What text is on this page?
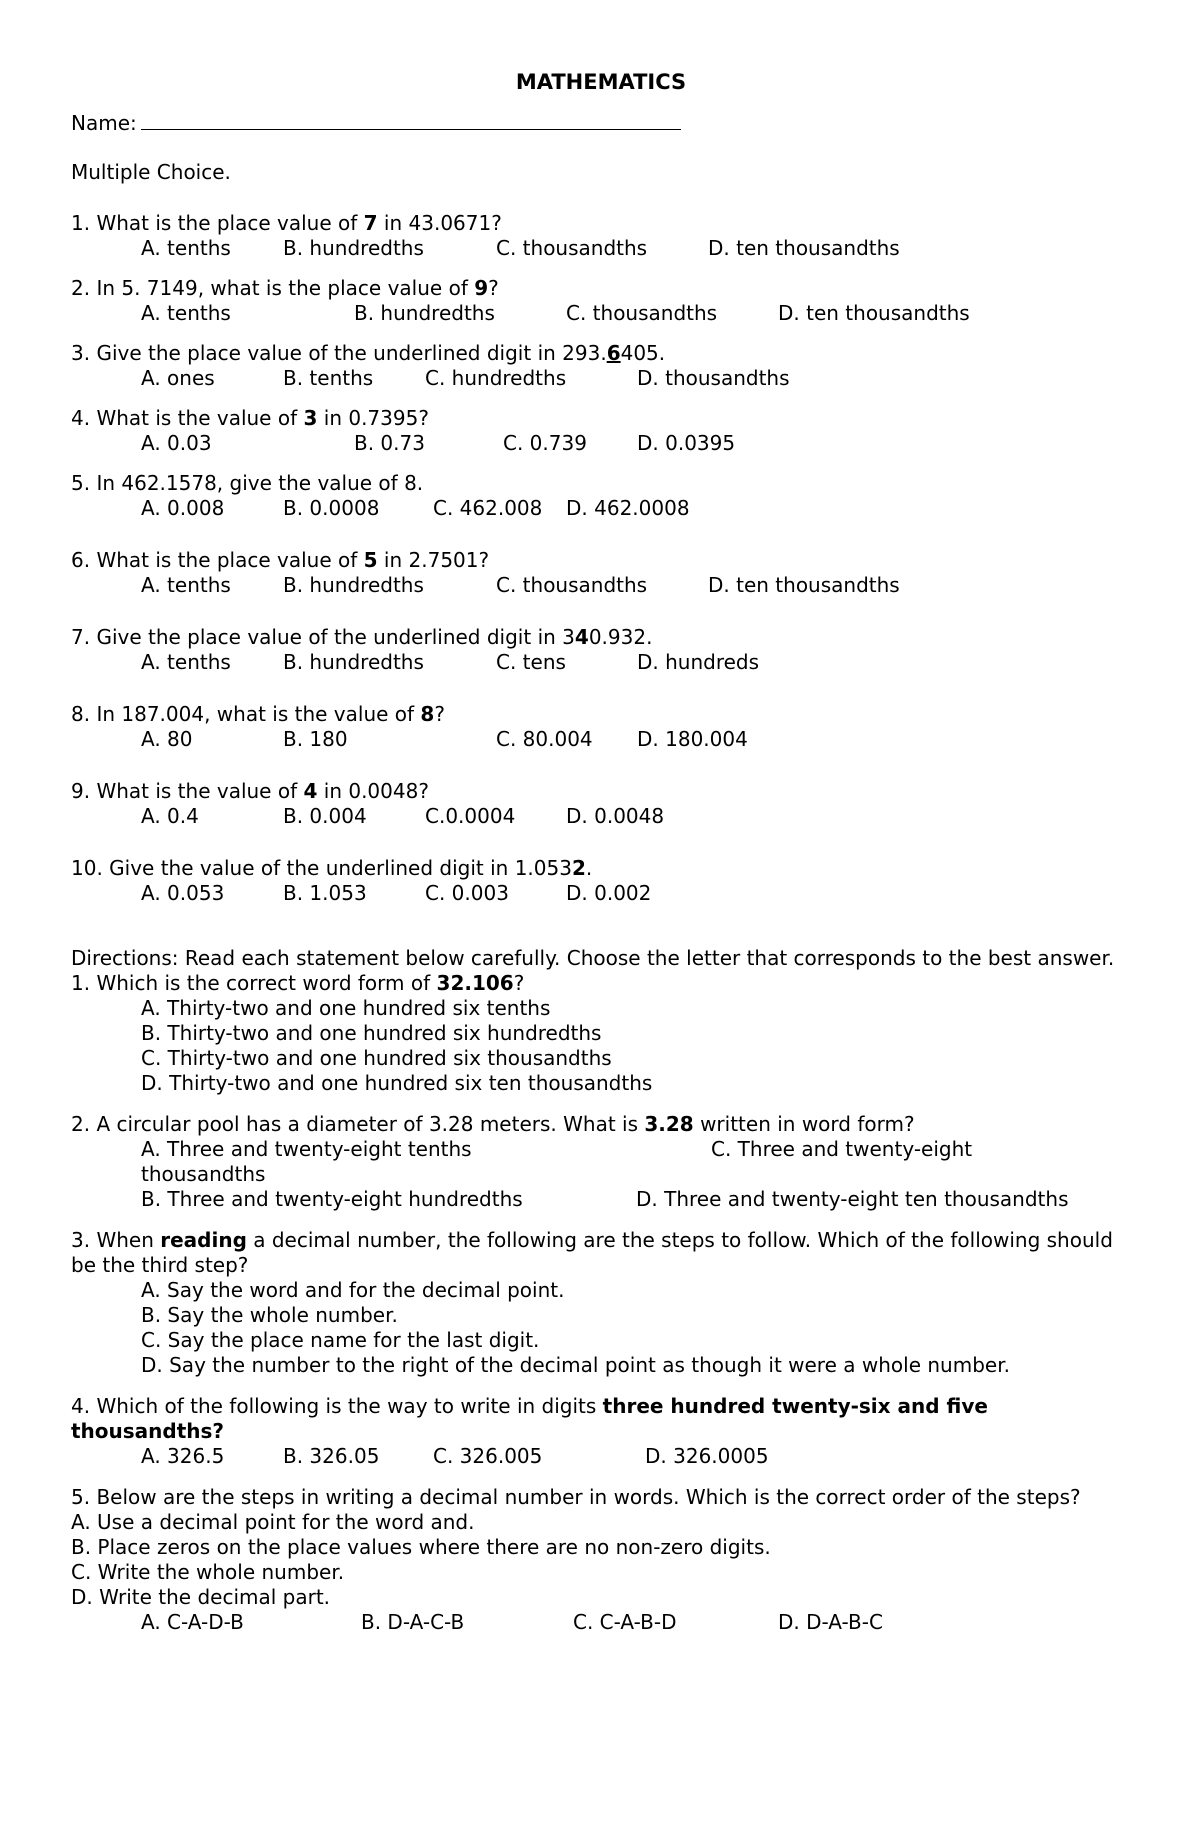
MATHEMATICS
Name:
Multiple Choice.
1. What is the place value of 7 in 43.0671?
A. tenths	B. hundredths	C. thousandths	D. ten thousandths
2. In 5. 7149, what is the place value of 9?
A. tenths	B. hundredths	C. thousandths	D. ten thousandths
3. Give the place value of the underlined digit in 293.6405.
A. ones	B. tenths	C. hundredths	D. thousandths
4. What is the value of 3 in 0.7395?
A. 0.03	B. 0.73	C. 0.739	D. 0.0395
5. In 462.1578, give the value of 8.
A. 0.008	B. 0.0008	C. 462.008 D. 462.0008
6. What is the place value of 5 in 2.7501?
A. tenths	B. hundredths	C. thousandths	D. ten thousandths
7. Give the place value of the underlined digit in 340.932.
A. tenths	B. hundredths	C. tens	D. hundreds
8. In 187.004, what is the value of 8?
A. 80	B. 180	C. 80.004 D. 180.004
9. What is the value of 4 in 0.0048?
A. 0.4	B. 0.004	C.0.0004	D. 0.0048
10. Give the value of the underlined digit in 1.0532.
A. 0.053	B. 1.053	C. 0.003	D. 0.002
Directions: Read each statement below carefully. Choose the letter that corresponds to the best answer.
1. Which is the correct word form of 32.106?
A. Thirty-two and one hundred six tenths
B. Thirty-two and one hundred six hundredths
C. Thirty-two and one hundred six thousandths
D. Thirty-two and one hundred six ten thousandths
2. A circular pool has a diameter of 3.28 meters. What is 3.28 written in word form?
A. Three and twenty-eight tenths	C. Three and twenty-eight
thousandths
B. Three and twenty-eight hundredths	D. Three and twenty-eight ten thousandths
3. When reading a decimal number, the following are the steps to follow. Which of the following should be the third step?
A. Say the word and for the decimal point.
B. Say the whole number.
C. Say the place name for the last digit.
D. Say the number to the right of the decimal point as though it were a whole number.
4. Which of the following is the way to write in digits three hundred twenty-six and five thousandths?
A. 326.5	B. 326.05	C. 326.005	D. 326.0005
5. Below are the steps in writing a decimal number in words. Which is the correct order of the steps?
A. Use a decimal point for the word and.
B. Place zeros on the place values where there are no non-zero digits.
C. Write the whole number.
D. Write the decimal part.
A. C-A-D-B	B. D-A-C-B	C. C-A-B-D	D. D-A-B-C
